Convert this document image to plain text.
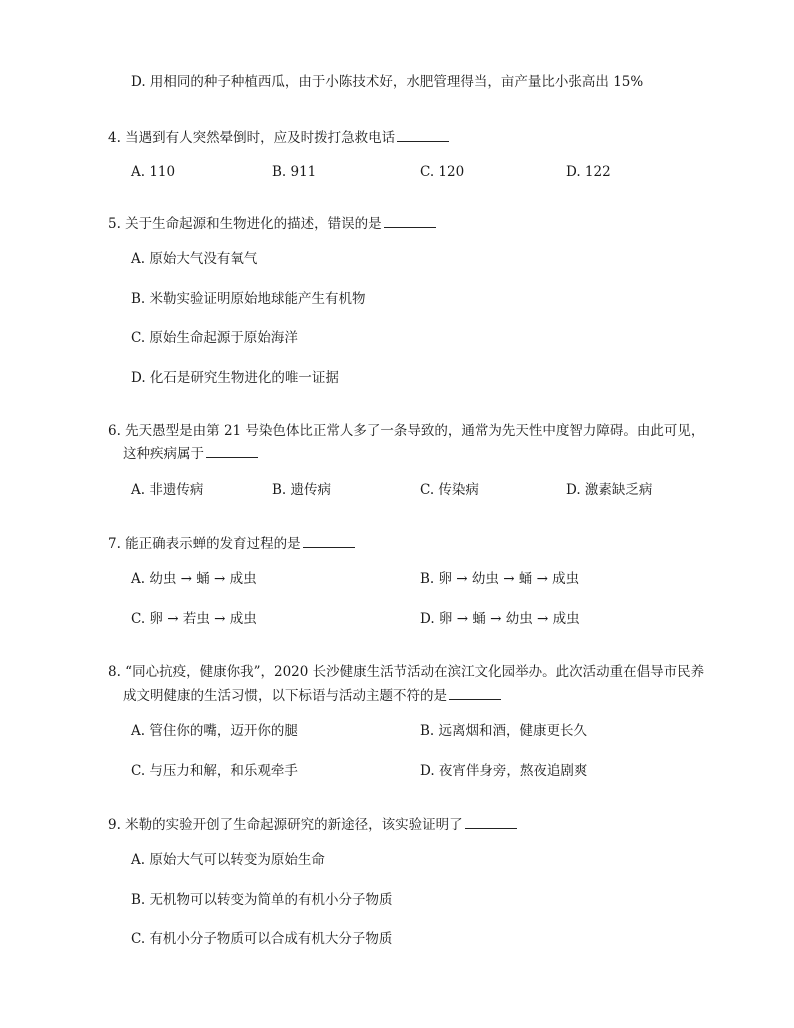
D. 用相同的种子种植西瓜，由于小陈技术好，水肥管理得当，亩产量比小张高出 15%
4. 当遇到有人突然晕倒时，应及时拨打急救电话
A. 110	B. 911	C. 120	D. 122
5. 关于生命起源和生物进化的描述，错误的是
A. 原始大气没有氧气
B. 米勒实验证明原始地球能产生有机物
C. 原始生命起源于原始海洋
D. 化石是研究生物进化的唯一证据
6. 先天愚型是由第 21 号染色体比正常人多了一条导致的，通常为先天性中度智力障碍。由此可见，
这种疾病属于
A. 非遗传病	B. 遗传病	C. 传染病	D. 激素缺乏病
7. 能正确表示蝉的发育过程的是
A. 幼虫 → 蛹 → 成虫	B. 卵 → 幼虫 → 蛹 → 成虫
C. 卵 → 若虫 → 成虫	D. 卵 → 蛹 → 幼虫 → 成虫
8. “同心抗疫，健康你我”，2020 长沙健康生活节活动在滨江文化园举办。此次活动重在倡导市民养
成文明健康的生活习惯，以下标语与活动主题不符的是
A. 管住你的嘴，迈开你的腿	B. 远离烟和酒，健康更长久
C. 与压力和解，和乐观牵手	D. 夜宵伴身旁，熬夜追剧爽
9. 米勒的实验开创了生命起源研究的新途径，该实验证明了
A. 原始大气可以转变为原始生命
B. 无机物可以转变为简单的有机小分子物质
C. 有机小分子物质可以合成有机大分子物质
